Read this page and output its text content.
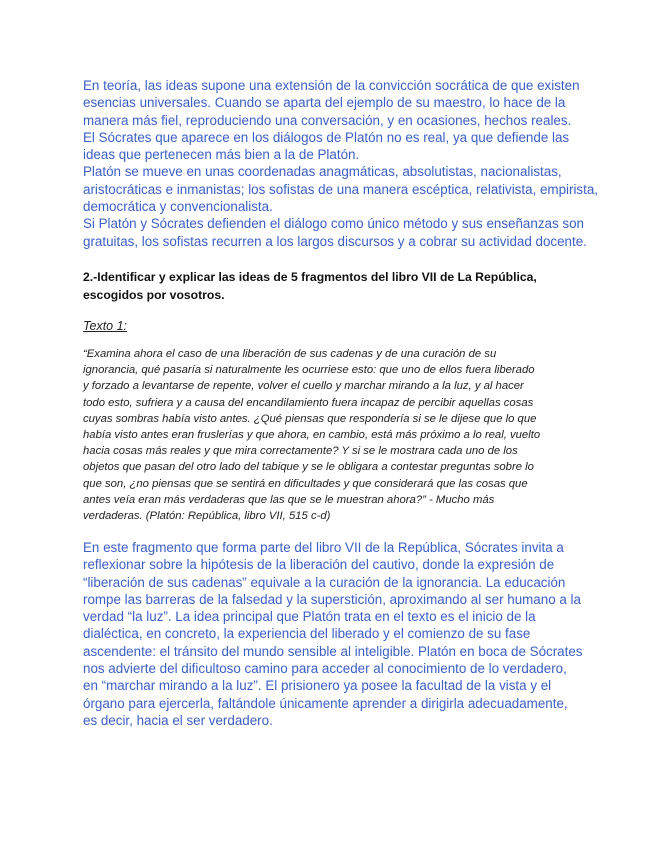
En teoría, las ideas supone una extensión de la convicción socrática de que existen
esencias universales. Cuando se aparta del ejemplo de su maestro, lo hace de la
manera más fiel, reproduciendo una conversación, y en ocasiones, hechos reales.
El Sócrates que aparece en los diálogos de Platón no es real, ya que defiende las
ideas que pertenecen más bien a la de Platón.
Platón se mueve en unas coordenadas anagmáticas, absolutistas, nacionalistas,
aristocráticas e inmanistas; los sofistas de una manera escéptica, relativista, empirista,
democrática y convencionalista.
Si Platón y Sócrates defienden el diálogo como único método y sus enseñanzas son
gratuitas, los sofistas recurren a los largos discursos y a cobrar su actividad docente.
2.-Identificar y explicar las ideas de 5 fragmentos del libro VII de La República,
escogidos por vosotros.
Texto 1:
“Examina ahora el caso de una liberación de sus cadenas y de una curación de su
ignorancia, qué pasaría si naturalmente les ocurriese esto: que uno de ellos fuera liberado
y forzado a levantarse de repente, volver el cuello y marchar mirando a la luz, y al hacer
todo esto, sufriera y a causa del encandilamiento fuera incapaz de percibir aquellas cosas
cuyas sombras había visto antes. ¿Qué piensas que respondería si se le dijese que lo que
había visto antes eran fruslerías y que ahora, en cambio, está más próximo a lo real, vuelto
hacia cosas más reales y que mira correctamente? Y si se le mostrara cada uno de los
objetos que pasan del otro lado del tabique y se le obligara a contestar preguntas sobre lo
que son, ¿no piensas que se sentirá en dificultades y que considerará que las cosas que
antes veía eran más verdaderas que las que se le muestran ahora?” - Mucho más
verdaderas. (Platón: República, libro VII, 515 c-d)
En este fragmento que forma parte del libro VII de la República, Sócrates invita a
reflexionar sobre la hipótesis de la liberación del cautivo, donde la expresión de
“liberación de sus cadenas” equivale a la curación de la ignorancia. La educación
rompe las barreras de la falsedad y la superstición, aproximando al ser humano a la
verdad “la luz”. La idea principal que Platón trata en el texto es el inicio de la
dialéctica, en concreto, la experiencia del liberado y el comienzo de su fase
ascendente: el tránsito del mundo sensible al inteligible. Platón en boca de Sócrates
nos advierte del dificultoso camino para acceder al conocimiento de lo verdadero,
en “marchar mirando a la luz”. El prisionero ya posee la facultad de la vista y el
órgano para ejercerla, faltándole únicamente aprender a dirigirla adecuadamente,
es decir, hacia el ser verdadero.
